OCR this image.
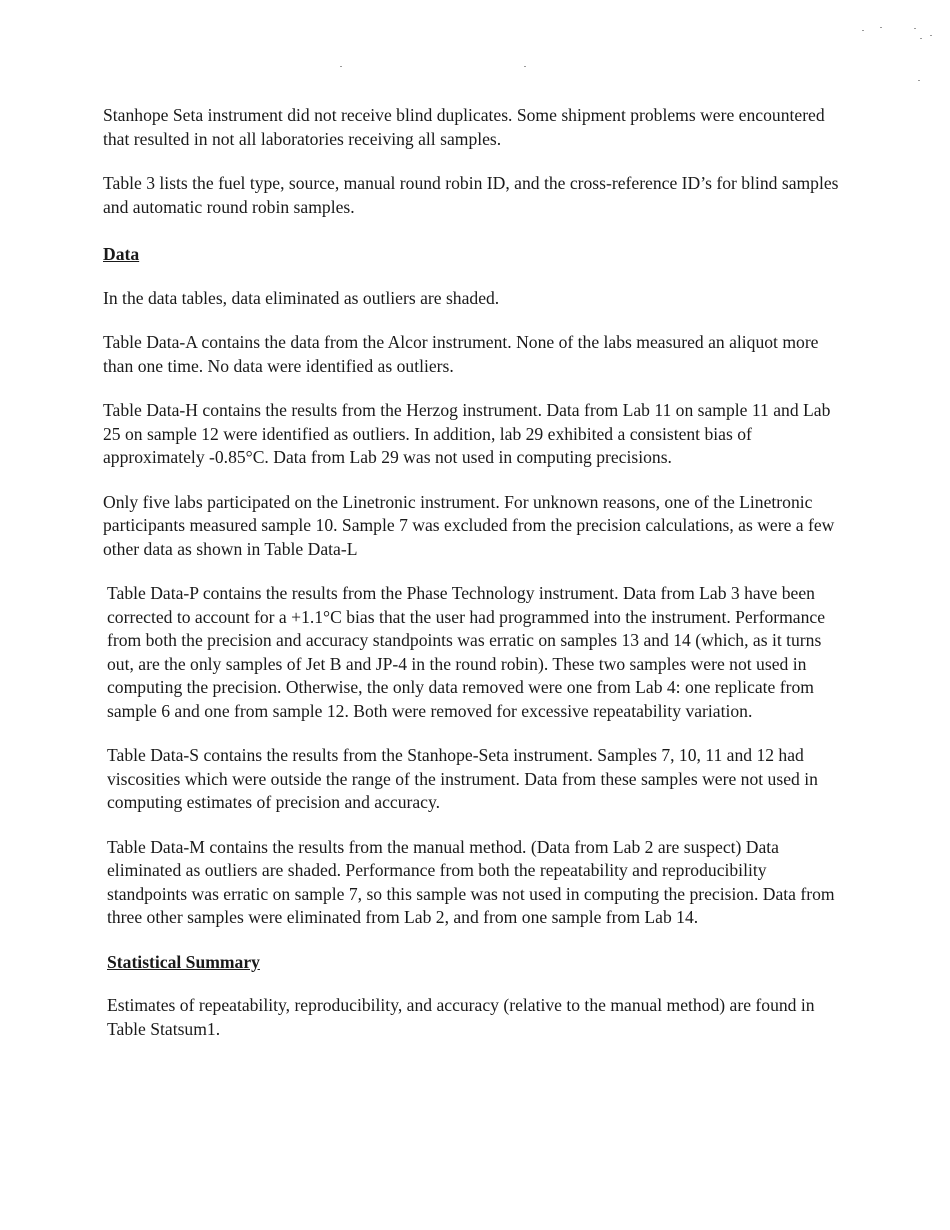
Stanhope Seta instrument did not receive blind duplicates. Some shipment problems were encountered that resulted in not all laboratories receiving all samples.

Table 3 lists the fuel type, source, manual round robin ID, and the cross-reference ID’s for blind samples and automatic round robin samples.

Data

In the data tables, data eliminated as outliers are shaded.

Table Data-A contains the data from the Alcor instrument. None of the labs measured an aliquot more than one time. No data were identified as outliers.

Table Data-H contains the results from the Herzog instrument. Data from Lab 11 on sample 11 and Lab 25 on sample 12 were identified as outliers. In addition, lab 29 exhibited a consistent bias of approximately -0.85°C. Data from Lab 29 was not used in computing precisions.

Only five labs participated on the Linetronic instrument. For unknown reasons, one of the Linetronic participants measured sample 10. Sample 7 was excluded from the precision calculations, as were a few other data as shown in Table Data-L

Table Data-P contains the results from the Phase Technology instrument. Data from Lab 3 have been corrected to account for a +1.1°C bias that the user had programmed into the instrument. Performance from both the precision and accuracy standpoints was erratic on samples 13 and 14 (which, as it turns out, are the only samples of Jet B and JP-4 in the round robin). These two samples were not used in computing the precision. Otherwise, the only data removed were one from Lab 4: one replicate from sample 6 and one from sample 12. Both were removed for excessive repeatability variation.

Table Data-S contains the results from the Stanhope-Seta instrument. Samples 7, 10, 11 and 12 had viscosities which were outside the range of the instrument. Data from these samples were not used in computing estimates of precision and accuracy.

Table Data-M contains the results from the manual method. (Data from Lab 2 are suspect) Data eliminated as outliers are shaded. Performance from both the repeatability and reproducibility standpoints was erratic on sample 7, so this sample was not used in computing the precision. Data from three other samples were eliminated from Lab 2, and from one sample from Lab 14.

Statistical Summary

Estimates of repeatability, reproducibility, and accuracy (relative to the manual method) are found in Table Statsum1.
